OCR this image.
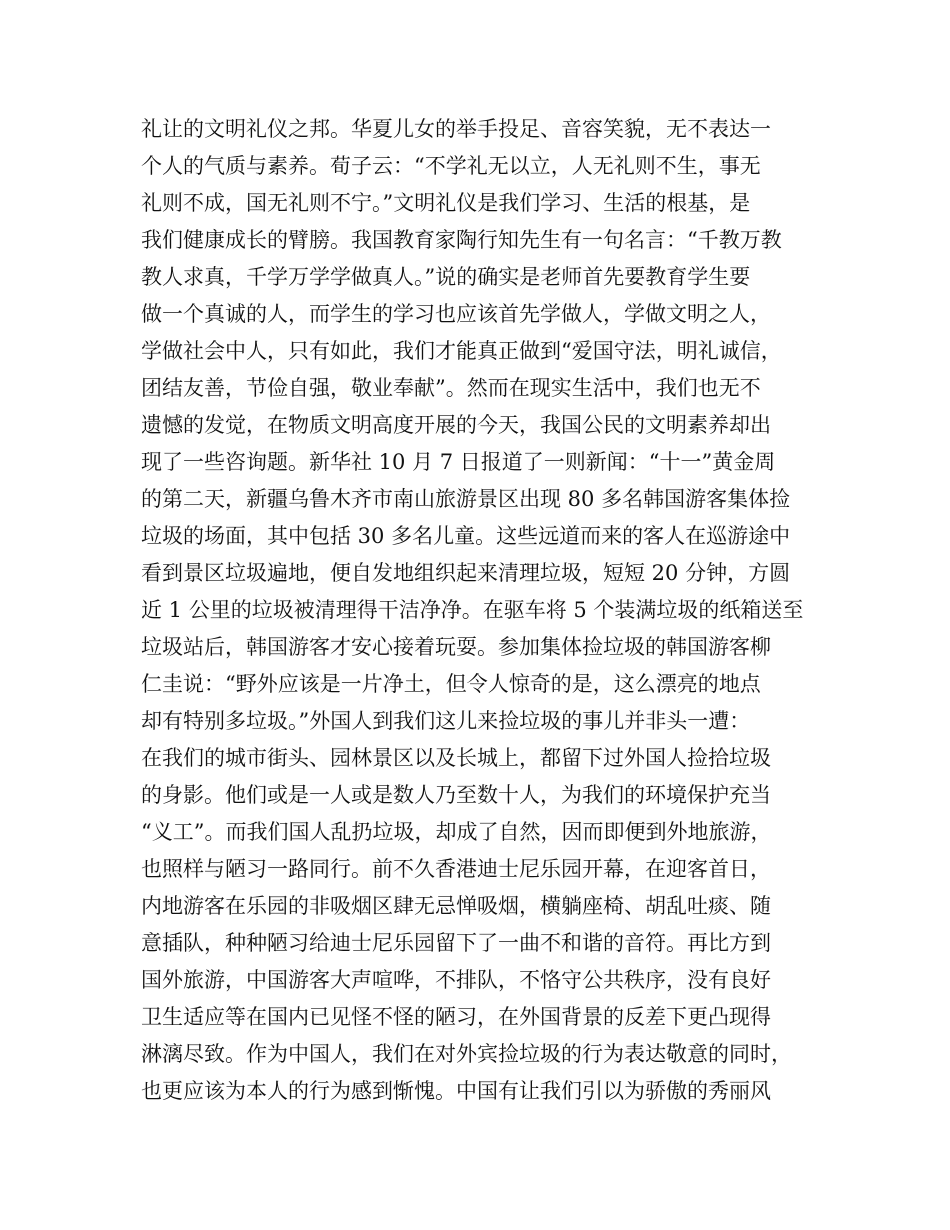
礼让的文明礼仪之邦。华夏儿女的举手投足、音容笑貌，无不表达一
个人的气质与素养。荀子云：“不学礼无以立，人无礼则不生，事无
礼则不成，国无礼则不宁。”文明礼仪是我们学习、生活的根基，是
我们健康成长的臂膀。我国教育家陶行知先生有一句名言：“千教万教
教人求真，千学万学学做真人。”说的确实是老师首先要教育学生要
做一个真诚的人，而学生的学习也应该首先学做人，学做文明之人，
学做社会中人，只有如此，我们才能真正做到“爱国守法，明礼诚信，
团结友善，节俭自强，敬业奉献”。然而在现实生活中，我们也无不
遗憾的发觉，在物质文明高度开展的今天，我国公民的文明素养却出
现了一些咨询题。新华社 10 月 7 日报道了一则新闻：“十一”黄金周
的第二天，新疆乌鲁木齐市南山旅游景区出现 80 多名韩国游客集体捡
垃圾的场面，其中包括 30 多名儿童。这些远道而来的客人在巡游途中
看到景区垃圾遍地，便自发地组织起来清理垃圾，短短 20 分钟，方圆
近 1 公里的垃圾被清理得干洁净净。在驱车将 5 个装满垃圾的纸箱送至
垃圾站后，韩国游客才安心接着玩耍。参加集体捡垃圾的韩国游客柳
仁圭说：“野外应该是一片净土，但令人惊奇的是，这么漂亮的地点
却有特别多垃圾。”外国人到我们这儿来捡垃圾的事儿并非头一遭：
在我们的城市街头、园林景区以及长城上，都留下过外国人捡拾垃圾
的身影。他们或是一人或是数人乃至数十人，为我们的环境保护充当
“义工”。而我们国人乱扔垃圾，却成了自然，因而即便到外地旅游，
也照样与陋习一路同行。前不久香港迪士尼乐园开幕，在迎客首日，
内地游客在乐园的非吸烟区肆无忌惮吸烟，横躺座椅、胡乱吐痰、随
意插队，种种陋习给迪士尼乐园留下了一曲不和谐的音符。再比方到
国外旅游，中国游客大声喧哗，不排队，不恪守公共秩序，没有良好
卫生适应等在国内已见怪不怪的陋习，在外国背景的反差下更凸现得
淋漓尽致。作为中国人，我们在对外宾捡垃圾的行为表达敬意的同时，
也更应该为本人的行为感到惭愧。中国有让我们引以为骄傲的秀丽风
